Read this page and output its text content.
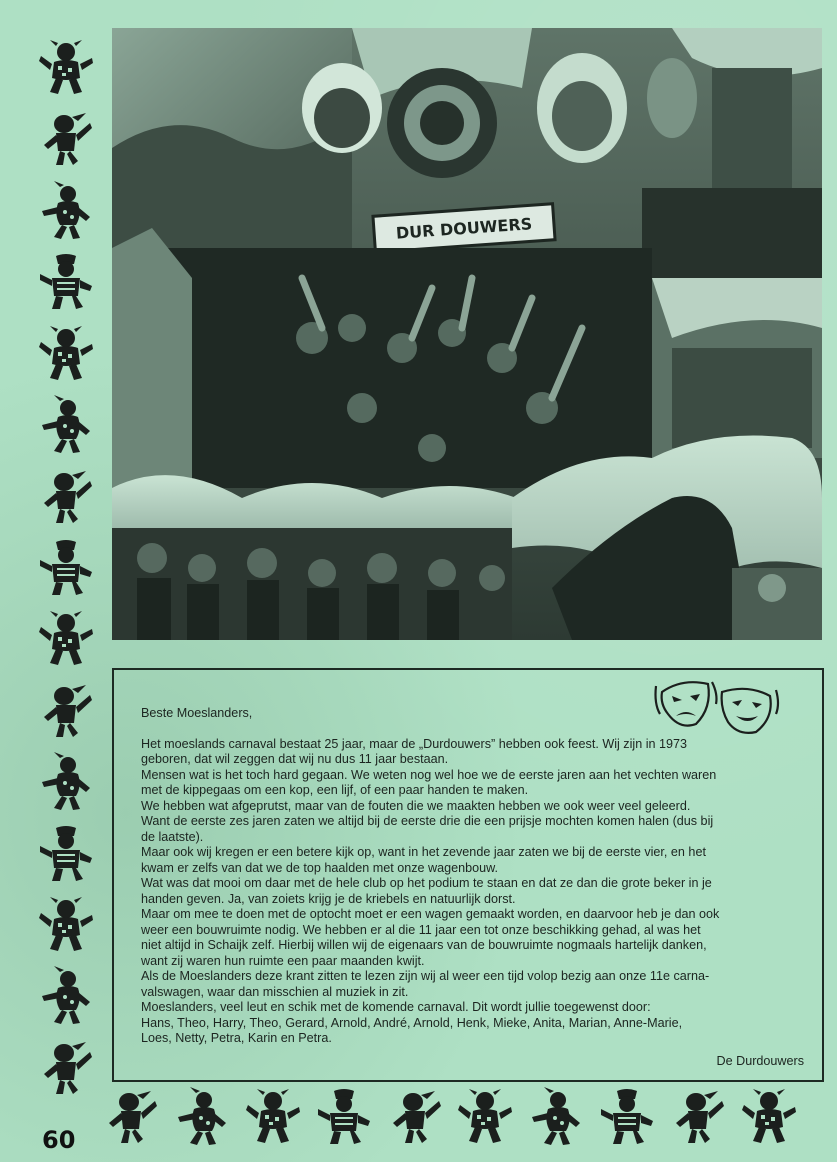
60
DUR DOUWERS

Beste Moeslanders,

Het moeslands carnaval bestaat 25 jaar, maar de „Durdouwers” hebben ook feest. Wij zijn in 1973

geboren, dat wil zeggen dat wij nu dus 11 jaar bestaan.

Mensen wat is het toch hard gegaan. We weten nog wel hoe we de eerste jaren aan het vechten waren

met de kippegaas om een kop, een lijf, of een paar handen te maken.

We hebben wat afgeprutst, maar van de fouten die we maakten hebben we ook weer veel geleerd.

Want de eerste zes jaren zaten we altijd bij de eerste drie die een prijsje mochten komen halen (dus bij

de laatste).

Maar ook wij kregen er een betere kijk op, want in het zevende jaar zaten we bij de eerste vier, en het

kwam er zelfs van dat we de top haalden met onze wagenbouw.

Wat was dat mooi om daar met de hele club op het podium te staan en dat ze dan die grote beker in je

handen geven. Ja, van zoiets krijg je de kriebels en natuurlijk dorst.

Maar om mee te doen met de optocht moet er een wagen gemaakt worden, en daarvoor heb je dan ook

weer een bouwruimte nodig. We hebben er al die 11 jaar een tot onze beschikking gehad, al was het

niet altijd in Schaijk zelf. Hierbij willen wij de eigenaars van de bouwruimte nogmaals hartelijk danken,

want zij waren hun ruimte een paar maanden kwijt.

Als de Moeslanders deze krant zitten te lezen zijn wij al weer een tijd volop bezig aan onze 11e carna-

valswagen, waar dan misschien al muziek in zit.

Moeslanders, veel leut en schik met de komende carnaval. Dit wordt jullie toegewenst door:

Hans, Theo, Harry, Theo, Gerard, Arnold, André, Arnold, Henk, Mieke, Anita, Marian, Anne-Marie,

Loes, Netty, Petra, Karin en Petra.

De Durdouwers
